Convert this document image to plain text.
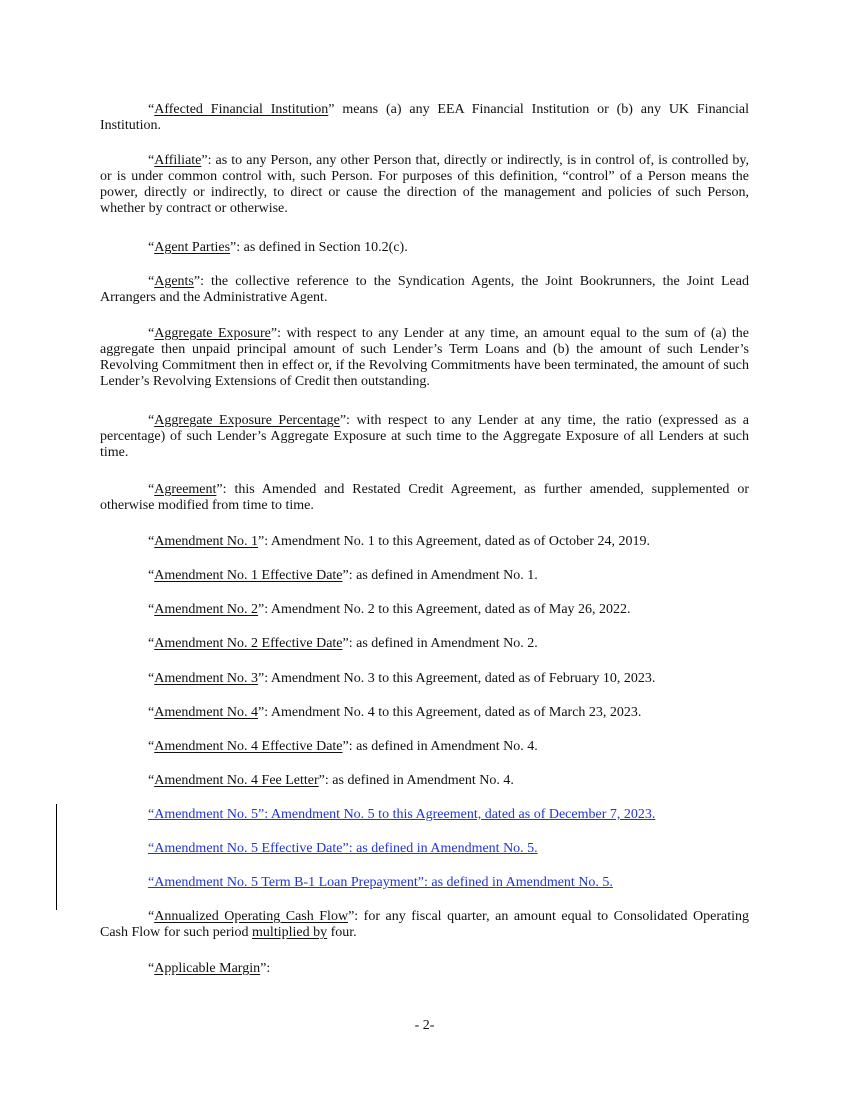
“Affected Financial Institution” means (a) any EEA Financial Institution or (b) any UK Financial Institution.

“Affiliate”: as to any Person, any other Person that, directly or indirectly, is in control of, is controlled by, or is under common control with, such Person. For purposes of this definition, “control” of a Person means the power, directly or indirectly, to direct or cause the direction of the management and policies of such Person, whether by contract or otherwise.

“Agent Parties”: as defined in Section 10.2(c).

“Agents”: the collective reference to the Syndication Agents, the Joint Bookrunners, the Joint Lead Arrangers and the Administrative Agent.

“Aggregate Exposure”: with respect to any Lender at any time, an amount equal to the sum of (a) the aggregate then unpaid principal amount of such Lender’s Term Loans and (b) the amount of such Lender’s Revolving Commitment then in effect or, if the Revolving Commitments have been terminated, the amount of such Lender’s Revolving Extensions of Credit then outstanding.

“Aggregate Exposure Percentage”: with respect to any Lender at any time, the ratio (expressed as a percentage) of such Lender’s Aggregate Exposure at such time to the Aggregate Exposure of all Lenders at such time.

“Agreement”: this Amended and Restated Credit Agreement, as further amended, supplemented or otherwise modified from time to time.

“Amendment No. 1”: Amendment No. 1 to this Agreement, dated as of October 24, 2019.

“Amendment No. 1 Effective Date”: as defined in Amendment No. 1.

“Amendment No. 2”: Amendment No. 2 to this Agreement, dated as of May 26, 2022.

“Amendment No. 2 Effective Date”: as defined in Amendment No. 2.

“Amendment No. 3”: Amendment No. 3 to this Agreement, dated as of February 10, 2023.

“Amendment No. 4”: Amendment No. 4 to this Agreement, dated as of March 23, 2023.

“Amendment No. 4 Effective Date”: as defined in Amendment No. 4.

“Amendment No. 4 Fee Letter”: as defined in Amendment No. 4.

“Amendment No. 5”: Amendment No. 5 to this Agreement, dated as of December 7, 2023.

“Amendment No. 5 Effective Date”: as defined in Amendment No. 5.

“Amendment No. 5 Term B-1 Loan Prepayment”: as defined in Amendment No. 5.

“Annualized Operating Cash Flow”: for any fiscal quarter, an amount equal to Consolidated Operating Cash Flow for such period multiplied by four.

“Applicable Margin”:

- 2-
